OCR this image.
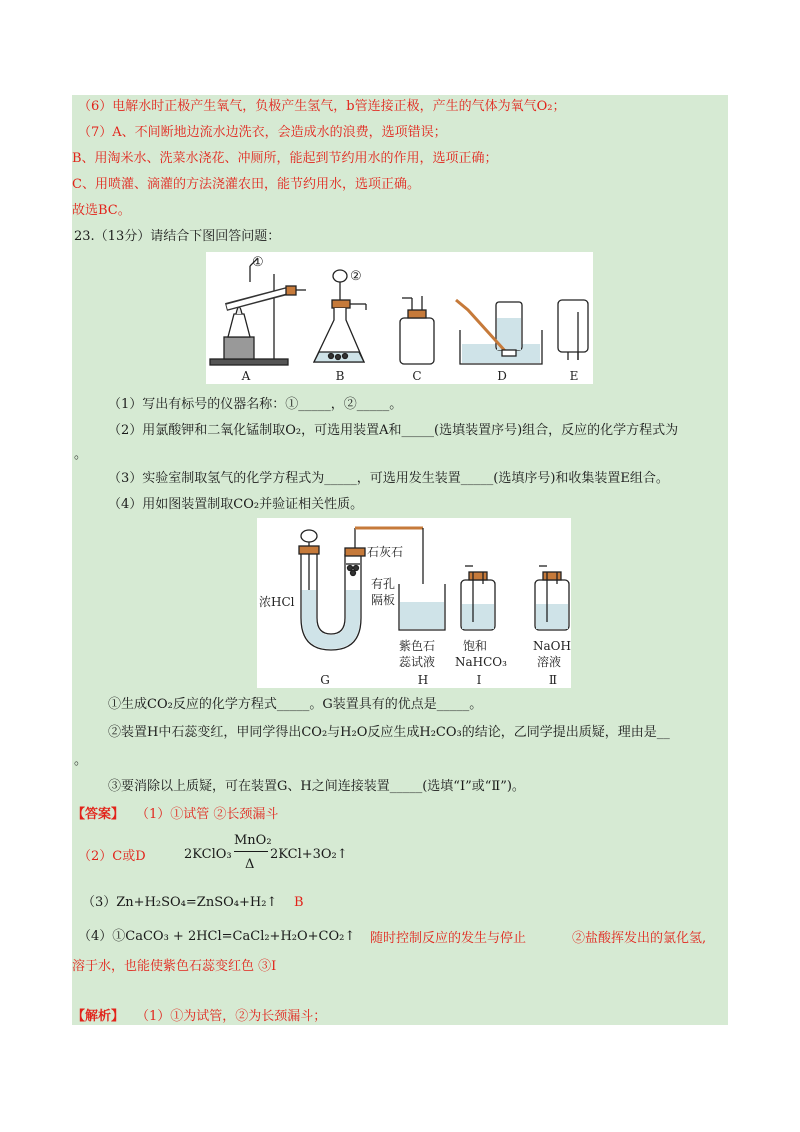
（6）电解水时正极产生氧气，负极产生氢气，b管连接正极，产生的气体为氧气O₂；
（7）A、不间断地边流水边洗衣，会造成水的浪费，选项错误；
B、用淘米水、洗菜水浇花、冲厕所，能起到节约用水的作用，选项正确；
C、用喷灌、滴灌的方法浇灌农田，能节约用水，选项正确。
故选BC。
23.（13分）请结合下图回答问题：
A	B	C	D	E
①
②
（1）写出有标号的仪器名称：①_____，②_____。
（2）用氯酸钾和二氧化锰制取O₂，可选用装置A和_____(选填装置序号)组合，反应的化学方程式为
。
（3）实验室制取氢气的化学方程式为_____，可选用发生装置_____(选填序号)和收集装置E组合。
（4）用如图装置制取CO₂并验证相关性质。
石灰石
有孔
隔板
浓HCl
紫色石
蕊试液
饱和
NaHCO₃
NaOH
溶液
G	H	I	Ⅱ
①生成CO₂反应的化学方程式_____。G装置具有的优点是_____。
②装置H中石蕊变红，甲同学得出CO₂与H₂O反应生成H₂CO₃的结论，乙同学提出质疑，理由是__
。
③要消除以上质疑，可在装置G、H之间连接装置_____(选填“Ⅰ”或“Ⅱ”)。
【答案】 （1）①试管 ②长颈漏斗
（2）C或D	2KClO₃
MnO₂
Δ
2KCl+3O₂↑
（3）Zn+H₂SO₄=ZnSO₄+H₂↑ B
（4）①CaCO₃ + 2HCl=CaCl₂+H₂O+CO₂↑ 随时控制反应的发生与停止	②盐酸挥发出的氯化氢,
溶于水，也能使紫色石蕊变红色 ③Ⅰ
【解析】 （1）①为试管，②为长颈漏斗；
